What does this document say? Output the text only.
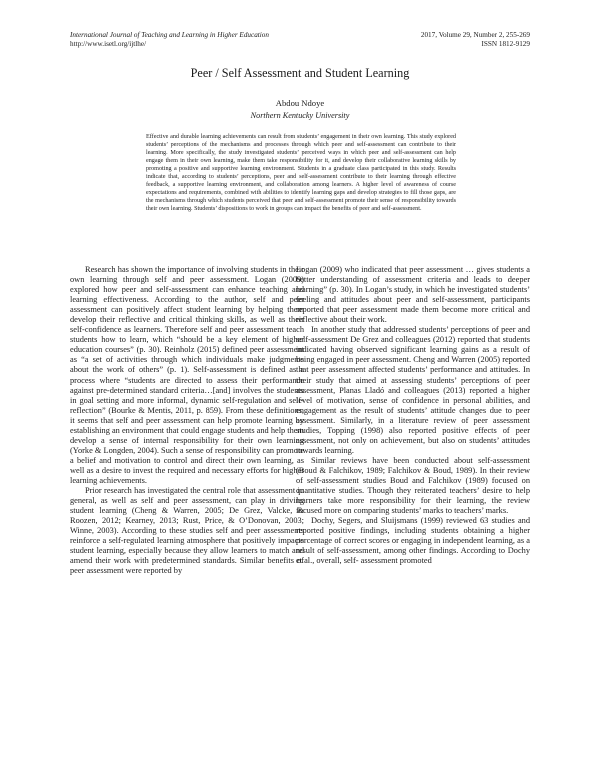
International Journal of Teaching and Learning in Higher Education
http://www.isetl.org/ijtlhe/
2017, Volume 29, Number 2, 255-269
ISSN 1812-9129
Peer / Self Assessment and Student Learning
Abdou Ndoye
Northern Kentucky University
Effective and durable learning achievements can result from students’ engagement in their own learning. This study explored students’ perceptions of the mechanisms and processes through which peer and self-assessment can contribute to their learning. More specifically, the study investigated students’ perceived ways in which peer and self-assessment can help engage them in their own learning, make them take responsibility for it, and develop their collaborative learning skills by promoting a positive and supportive learning environment. Students in a graduate class participated in this study. Results indicate that, according to students’ perceptions, peer and self-assessment contribute to their learning through effective feedback, a supportive learning environment, and collaboration among learners. A higher level of awareness of course expectations and requirements, combined with abilities to identify learning gaps and develop strategies to fill those gaps, are the mechanisms through which students perceived that peer and self-assessment promote their sense of responsibility towards their own learning. Students’ dispositions to work in groups can impact the benefits of peer and self-assessment.

Research has shown the importance of involving students in their own learning through self and peer assessment. Logan (2009) explored how peer and self-assessment can enhance teaching and learning effectiveness. According to the author, self and peer assessment can positively affect student learning by helping them develop their reflective and critical thinking skills, as well as their self-confidence as learners. Therefore self and peer assessment teach students how to learn, which “should be a key element of higher education courses” (p. 30). Reinholz (2015) defined peer assessment as “a set of activities through which individuals make judgments about the work of others” (p. 1). Self-assessment is defined as a process where “students are directed to assess their performance against pre-determined standard criteria…[and] involves the students in goal setting and more informal, dynamic self-regulation and self-reflection” (Bourke & Mentis, 2011, p. 859). From these definitions, it seems that self and peer assessment can help promote learning by establishing an environment that could engage students and help them develop a sense of internal responsibility for their own learning (Yorke & Longden, 2004). Such a sense of responsibility can promote a belief and motivation to control and direct their own learning, as well as a desire to invest the required and necessary efforts for higher learning achievements.

Prior research has investigated the central role that assessment in general, as well as self and peer assessment, can play in driving student learning (Cheng & Warren, 2005; De Grez, Valcke, & Roozen, 2012; Kearney, 2013; Rust, Price, & O’Donovan, 2003; Winne, 2003). According to these studies self and peer assessments reinforce a self-regulated learning atmosphere that positively impacts student learning, especially because they allow learners to match and amend their work with predetermined standards. Similar benefits of peer assessment were reported by

Logan (2009) who indicated that peer assessment … gives students a better understanding of assessment criteria and leads to deeper learning” (p. 30). In Logan’s study, in which he investigated students’ feeling and attitudes about peer and self-assessment, participants reported that peer assessment made them become more critical and reflective about their work.

In another study that addressed students’ perceptions of peer and self-assessment De Grez and colleagues (2012) reported that students indicated having observed significant learning gains as a result of being engaged in peer assessment. Cheng and Warren (2005) reported that peer assessment affected students’ performance and attitudes. In their study that aimed at assessing students’ perceptions of peer assessment, Planas Lladó and colleagues (2013) reported a higher level of motivation, sense of confidence in personal abilities, and engagement as the result of students’ attitude changes due to peer assessment. Similarly, in a literature review of peer assessment studies, Topping (1998) also reported positive effects of peer assessment, not only on achievement, but also on students’ attitudes towards learning.

Similar reviews have been conducted about self-assessment (Boud & Falchikov, 1989; Falchikov & Boud, 1989). In their review of self-assessment studies Boud and Falchikov (1989) focused on quantitative studies. Though they reiterated teachers’ desire to help learners take more responsibility for their learning, the review focused more on comparing students’ marks to teachers’ marks.

Dochy, Segers, and Sluijsmans (1999) reviewed 63 studies and reported positive findings, including students obtaining a higher percentage of correct scores or engaging in independent learning, as a result of self-assessment, among other findings. According to Dochy et al., overall, self- assessment promoted
